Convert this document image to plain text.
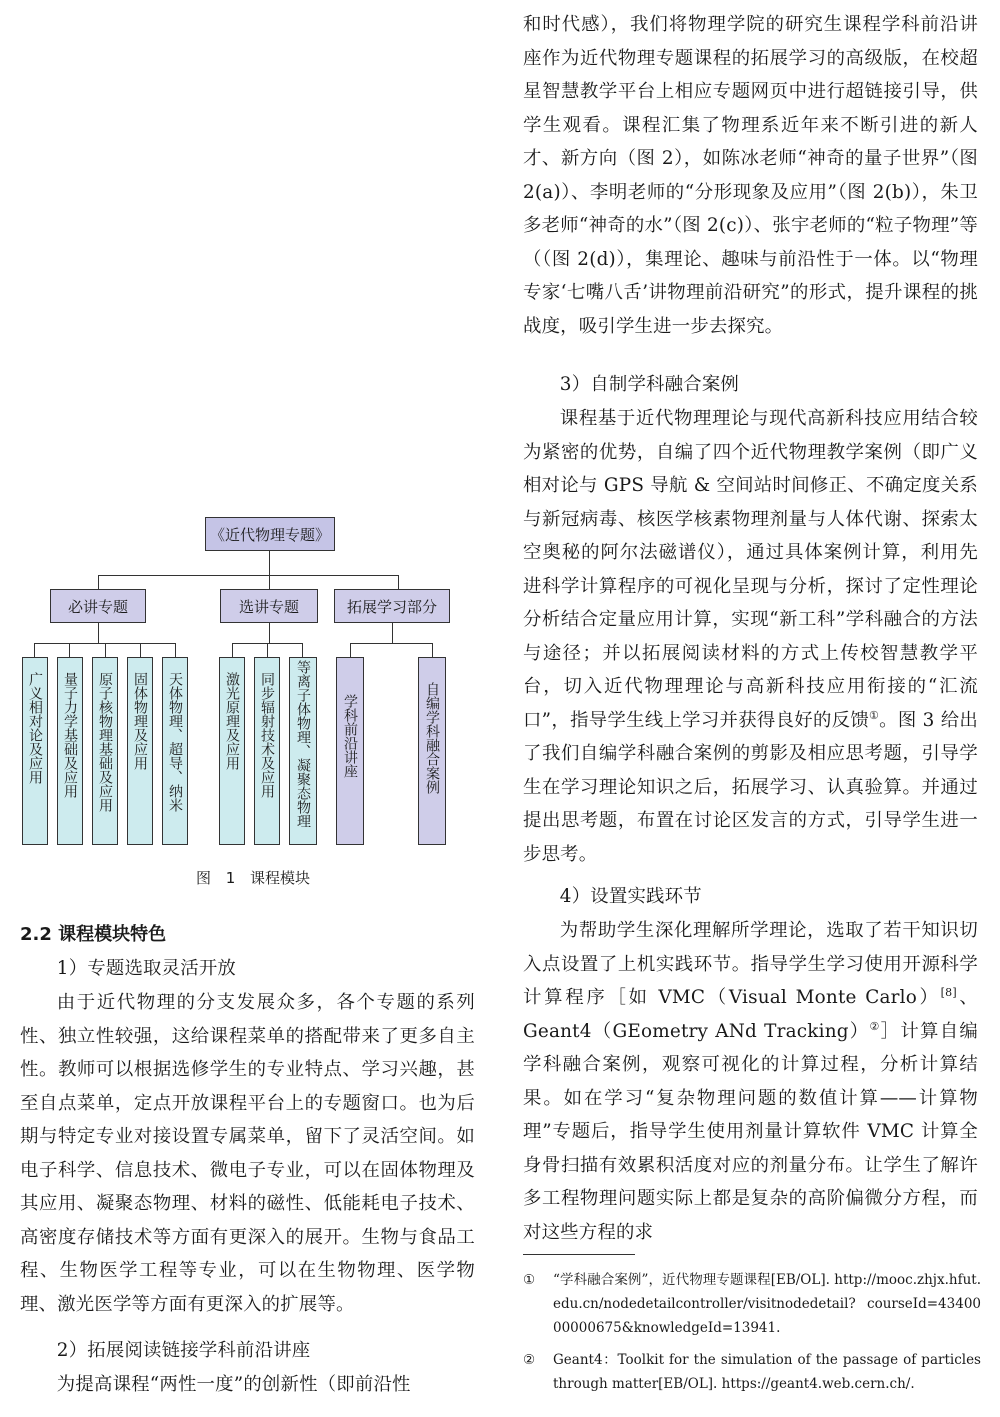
《近代物理专题》
必讲专题	选讲专题	拓展学习部分
广义相对论及应用 量子力学基础及应用 原子核物理基础及应用 固体物理及应用 天体物理、超导、纳米	激光原理及应用 同步辐射技术及应用 等离子体物理、凝聚态物理 学科前沿讲座	自编学科融合案例
图 1 课程模块

2.2 课程模块特色

1）专题选取灵活开放

由于近代物理的分支发展众多，各个专题的系列性、独立性较强，这给课程菜单的搭配带来了更多自主性。教师可以根据选修学生的专业特点、学习兴趣，甚至自点菜单，定点开放课程平台上的专题窗口。也为后期与特定专业对接设置专属菜单，留下了灵活空间。如电子科学、信息技术、微电子专业，可以在固体物理及其应用、凝聚态物理、材料的磁性、低能耗电子技术、高密度存储技术等方面有更深入的展开。生物与食品工程、生物医学工程等专业，可以在生物物理、医学物理、激光医学等方面有更深入的扩展等。

2）拓展阅读链接学科前沿讲座

为提高课程“两性一度”的创新性（即前沿性

和时代感），我们将物理学院的研究生课程学科前沿讲座作为近代物理专题课程的拓展学习的高级版，在校超星智慧教学平台上相应专题网页中进行超链接引导，供学生观看。课程汇集了物理系近年来不断引进的新人才、新方向（图 2），如陈冰老师“神奇的量子世界”（图 2(a)）、李明老师的“分形现象及应用”（图 2(b)），朱卫多老师“神奇的水”（图 2(c)）、张宇老师的“粒子物理”等（（图 2(d)），集理论、趣味与前沿性于一体。以“物理专家‘七嘴八舌’讲物理前沿研究”的形式，提升课程的挑战度，吸引学生进一步去探究。

3）自制学科融合案例

课程基于近代物理理论与现代高新科技应用结合较为紧密的优势，自编了四个近代物理教学案例（即广义相对论与 GPS 导航 & 空间站时间修正、不确定度关系与新冠病毒、核医学核素物理剂量与人体代谢、探索太空奥秘的阿尔法磁谱仪），通过具体案例计算，利用先进科学计算程序的可视化呈现与分析，探讨了定性理论分析结合定量应用计算，实现“新工科”学科融合的方法与途径；并以拓展阅读材料的方式上传校智慧教学平台，切入近代物理理论与高新科技应用衔接的“汇流口”，指导学生线上学习并获得良好的反馈①。图 3 给出了我们自编学科融合案例的剪影及相应思考题，引导学生在学习理论知识之后，拓展学习、认真验算。并通过提出思考题，布置在讨论区发言的方式，引导学生进一步思考。

4）设置实践环节

为帮助学生深化理解所学理论，选取了若干知识切入点设置了上机实践环节。指导学生学习使用开源科学计算程序［如 VMC（Visual Monte Carlo）[8]、Geant4（GEometry ANd Tracking）②］计算自编学科融合案例，观察可视化的计算过程，分析计算结果。如在学习“复杂物理问题的数值计算——计算物理”专题后，指导学生使用剂量计算软件 VMC 计算全身骨扫描有效累积活度对应的剂量分布。让学生了解许多工程物理问题实际上都是复杂的高阶偏微分方程，而对这些方程的求

① “学科融合案例”，近代物理专题课程[EB/OL]. http://mooc.zhjx.hfut.edu.cn/nodedetailcontroller/visitnodedetail? courseId=4340000000675&knowledgeId=13941.
② Geant4：Toolkit for the simulation of the passage of particles through matter[EB/OL]. https://geant4.web.cern.ch/.
